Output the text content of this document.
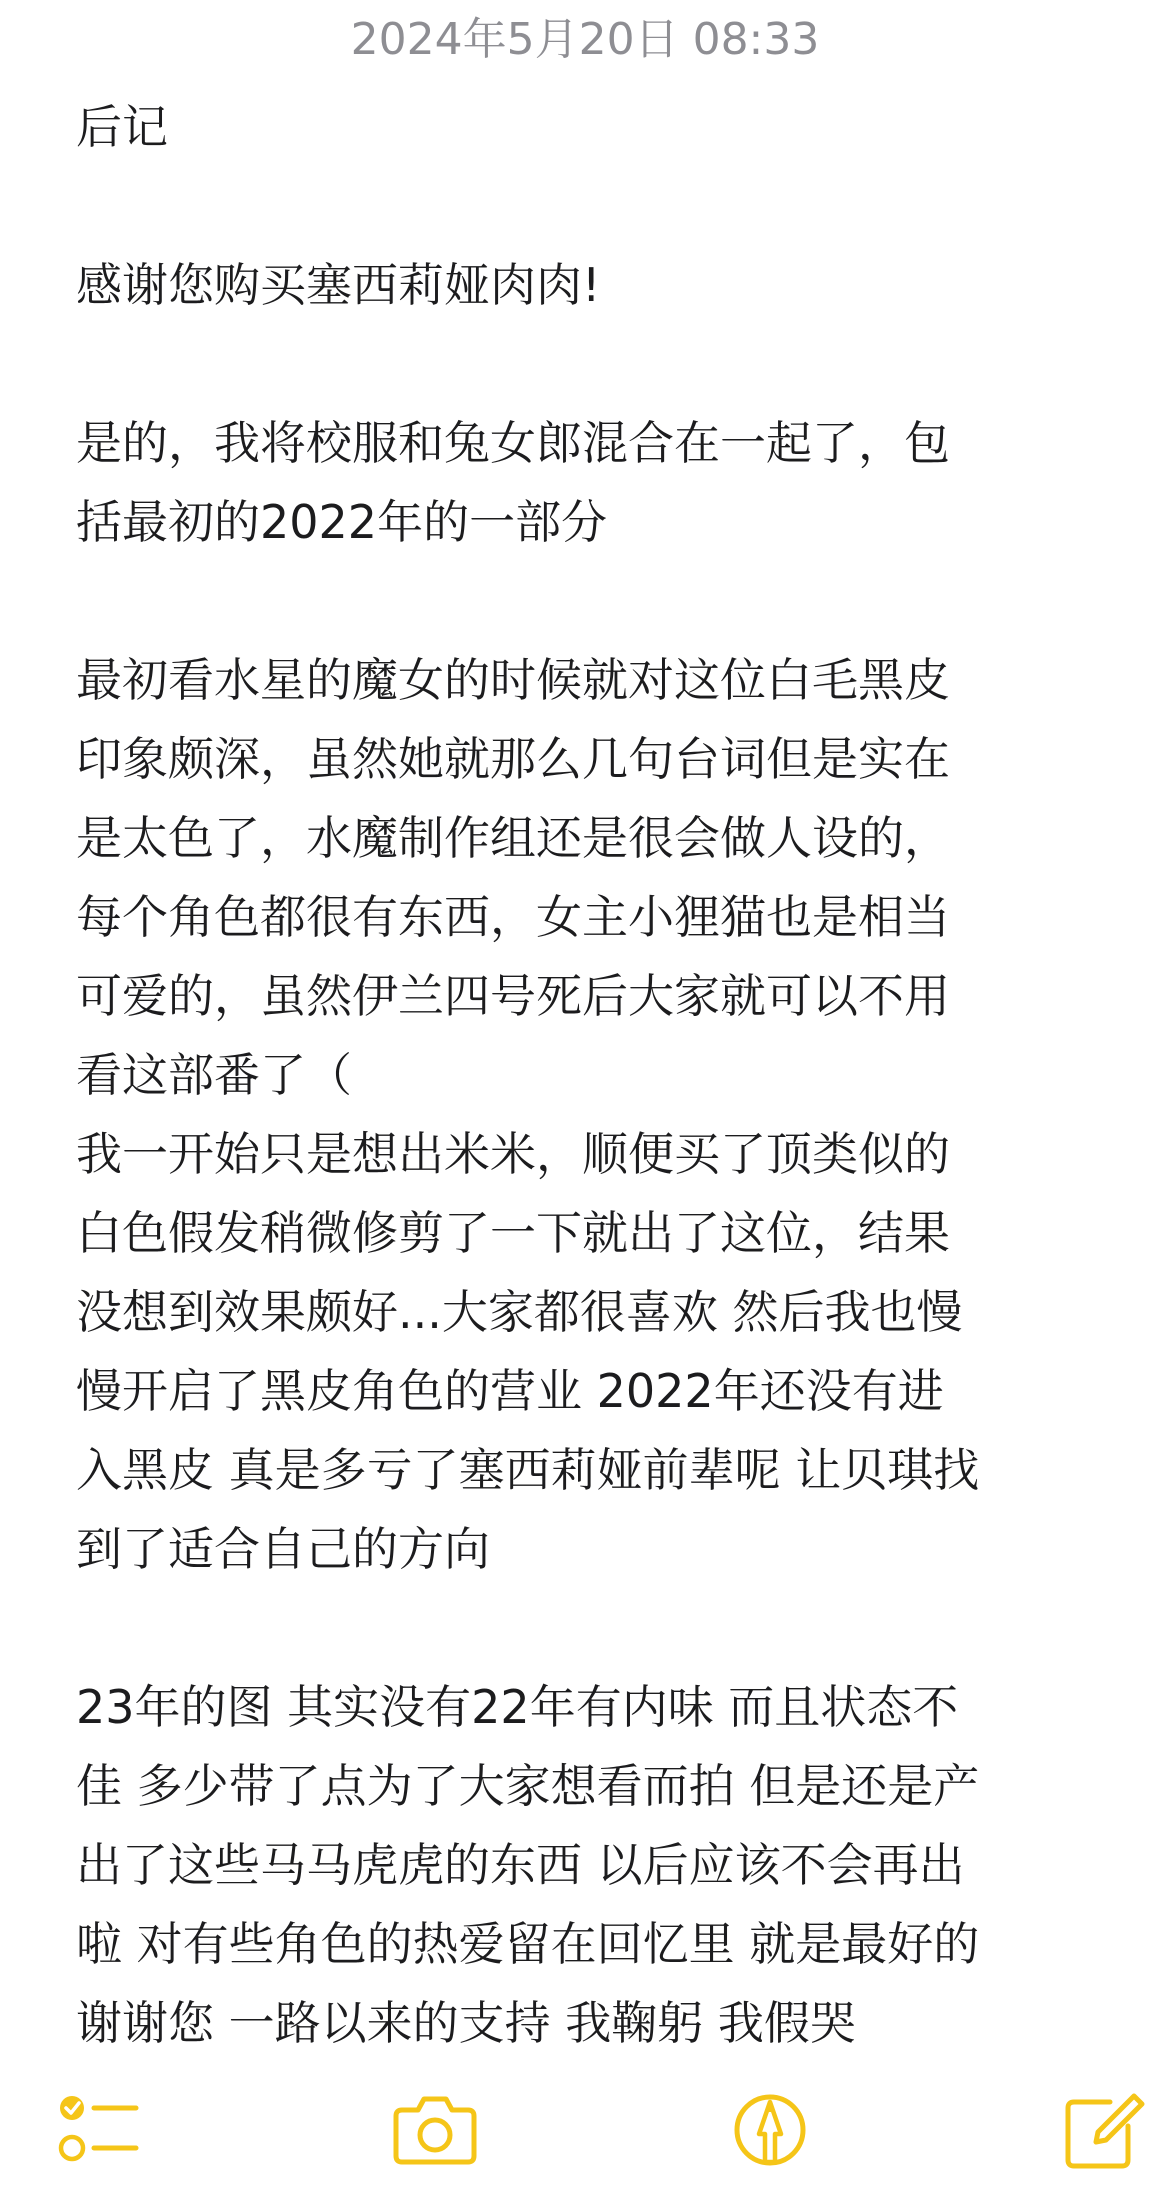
2024年5月20日 08:33
后记
感谢您购买塞西莉娅肉肉!
是的，我将校服和兔女郎混合在一起了，包
括最初的2022年的一部分
最初看水星的魔女的时候就对这位白毛黑皮
印象颇深，虽然她就那么几句台词但是实在
是太色了，水魔制作组还是很会做人设的，
每个角色都很有东西，女主小狸猫也是相当
可爱的，虽然伊兰四号死后大家就可以不用
看这部番了（
我一开始只是想出米米，顺便买了顶类似的
白色假发稍微修剪了一下就出了这位，结果
没想到效果颇好...大家都很喜欢 然后我也慢
慢开启了黑皮角色的营业 2022年还没有进
入黑皮 真是多亏了塞西莉娅前辈呢 让贝琪找
到了适合自己的方向
23年的图 其实没有22年有内味 而且状态不
佳 多少带了点为了大家想看而拍 但是还是产
出了这些马马虎虎的东西 以后应该不会再出
啦 对有些角色的热爱留在回忆里 就是最好的
谢谢您 一路以来的支持 我鞠躬 我假哭
